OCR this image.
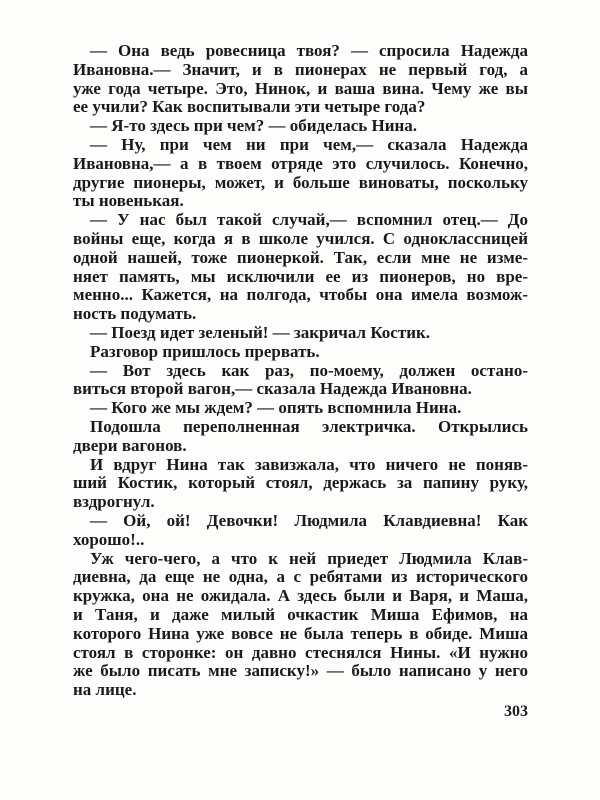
— Она ведь ровесница твоя? — спросила Надежда
Ивановна.— Значит, и в пионерах не первый год, а
уже года четыре. Это, Нинок, и ваша вина. Чему же вы
ее учили? Как воспитывали эти четыре года?
— Я-то здесь при чем? — обиделась Нина.
— Ну, при чем ни при чем,— сказала Надежда
Ивановна,— а в твоем отряде это случилось. Конечно,
другие пионеры, может, и больше виноваты, поскольку
ты новенькая.
— У нас был такой случай,— вспомнил отец.— До
войны еще, когда я в школе учился. С одноклассницей
одной нашей, тоже пионеркой. Так, если мне не изме-
няет память, мы исключили ее из пионеров, но вре-
менно... Кажется, на полгода, чтобы она имела возмож-
ность подумать.
— Поезд идет зеленый! — закричал Костик.
Разговор пришлось прервать.
— Вот здесь как раз, по-моему, должен остано-
виться второй вагон,— сказала Надежда Ивановна.
— Кого же мы ждем? — опять вспомнила Нина.
Подошла переполненная электричка. Открылись
двери вагонов.
И вдруг Нина так завизжала, что ничего не поняв-
ший Костик, который стоял, держась за папину руку,
вздрогнул.
— Ой, ой! Девочки! Людмила Клавдиевна! Как
хорошо!..
Уж чего-чего, а что к ней приедет Людмила Клав-
диевна, да еще не одна, а с ребятами из исторического
кружка, она не ожидала. А здесь были и Варя, и Маша,
и Таня, и даже милый очкастик Миша Ефимов, на
которого Нина уже вовсе не была теперь в обиде. Миша
стоял в сторонке: он давно стеснялся Нины. «И нужно
же было писать мне записку!» — было написано у него
на лице.
303
